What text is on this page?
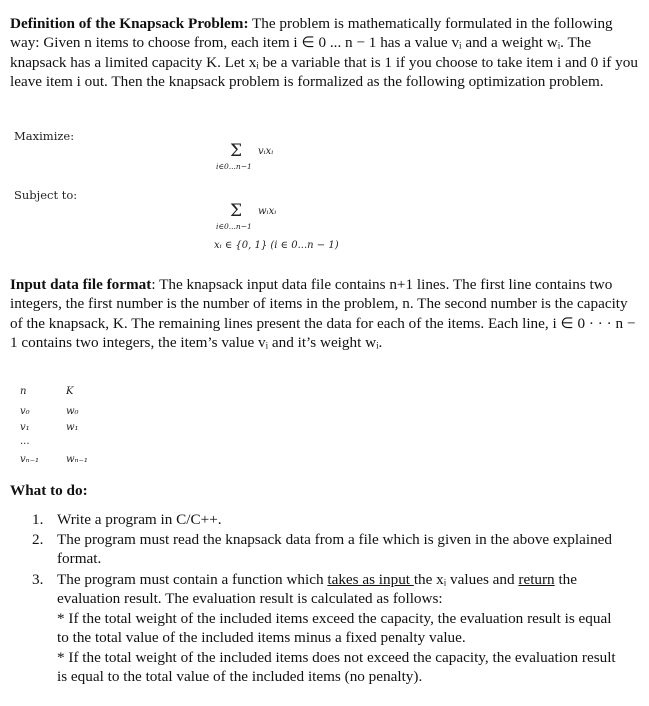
Definition of the Knapsack Problem: The problem is mathematically formulated in the following way: Given n items to choose from, each item i ∈ 0 ... n − 1 has a value vᵢ and a weight wᵢ. The knapsack has a limited capacity K. Let xᵢ be a variable that is 1 if you choose to take item i and 0 if you leave item i out. Then the knapsack problem is formalized as the following optimization problem.

Maximize:
Σ vᵢxᵢ
i∈0...n−1
Subject to:
Σ wᵢxᵢ
i∈0...n−1
xᵢ ∈ {0, 1} (i ∈ 0...n − 1)

Input data file format: The knapsack input data file contains n+1 lines. The first line contains two integers, the first number is the number of items in the problem, n. The second number is the capacity of the knapsack, K. The remaining lines present the data for each of the items. Each line, i ∈ 0 · · · n − 1 contains two integers, the item’s value vᵢ and it’s weight wᵢ.

n	K
v₀	w₀
v₁	w₁
...
vₙ₋₁	wₙ₋₁
What to do:
1. Write a program in C/C++.
2. The program must read the knapsack data from a file which is given in the above explained format.
3. The program must contain a function which takes as input the xᵢ values and return the evaluation result. The evaluation result is calculated as follows:
* If the total weight of the included items exceed the capacity, the evaluation result is equal to the total value of the included items minus a fixed penalty value.
* If the total weight of the included items does not exceed the capacity, the evaluation result is equal to the total value of the included items (no penalty).
